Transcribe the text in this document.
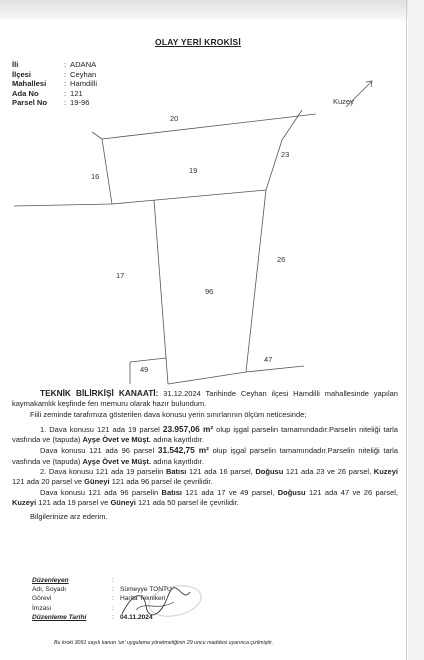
OLAY YERİ KROKİSİ
İli	: ADANA
İlçesi	: Ceyhan
Mahallesi	: Hamdilli
Ada No	: 121
Parsel No	: 19-96	Kuzey
20
19
23
16
26
17
96
49
47

TEKNİK BİLİRKİŞİ KANAATİ: 31.12.2024 Tarihinde Ceyhan ilçesi Hamdilli mahallesinde yapılan kaymakamlık keşfinde fen memuru olarak hazır bulundum.

Fiili zeminde tarafımıza gösterilen dava konusu yerin sınırlarının ölçüm neticesinde;

1. Dava konusu 121 ada 19 parsel 23.957,06 m² olup işgal parselin tamamındadır.Parselin niteliği tarla vasfında ve (tapuda) Ayşe Övet ve Müşt. adına kayıtlıdır.

Dava konusu 121 ada 96 parsel 31.542,75 m² olup işgal parselin tamamındadır.Parselin niteliği tarla vasfında ve (tapuda) Ayşe Övet ve Müşt. adına kayıtlıdır.

2. Dava konusu 121 ada 19 parselin Batısı 121 ada 16 parsel, Doğusu 121 ada 23 ve 26 parsel, Kuzeyi 121 ada 20 parsel ve Güneyi 121 ada 96 parsel ile çevrilidir.

Dava konusu 121 ada 96 parselin Batısı 121 ada 17 ve 49 parsel, Doğusu 121 ada 47 ve 26 parsel, Kuzeyi 121 ada 19 parsel ve Güneyi 121 ada 50 parsel ile çevrilidir.

Bilgilerinize arz ederim.

Düzenleyen	:
Adı, Soyadı	: Sümeyye TONTU
Görevi	: Harita Teknikeri
İmzası	:
Düzenleme Tarihi	: 04.11.2024
Bu kroki 3091 sayılı kanun 'un' uygulama yönetmeliğinin 29 uncu maddesi uyarınca çizilmiştir.
